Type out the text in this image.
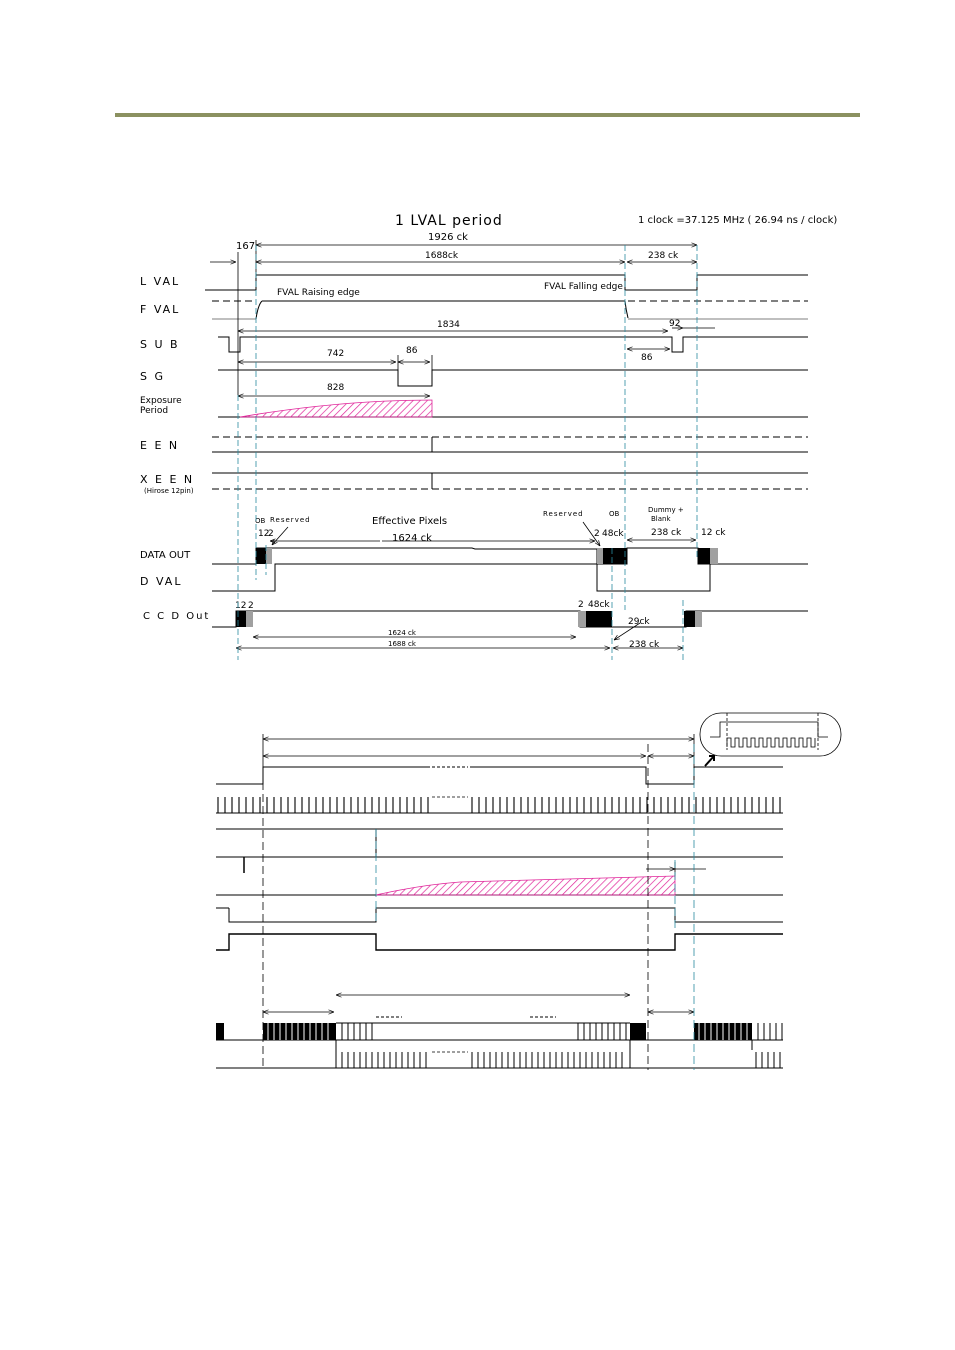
1 LVAL period	1 clock =37.125 MHz ( 26.94 ns / clock)
1926 ck
167
1688ck	238 ck
L VAL
F VAL
S U B
S G
Exposure
Period
E E N
X E E N
(Hirose 12pin)
DATA OUT
D VAL
C C D Out
FVAL Raising edge
FVAL Falling edge
1834	92
86
742	86
828
OB Reserved	Effective Pixels
Reserved	OB	Dummy +
Blank
12
2	1624 ck	2 48ck	238 ck 12 ck
12 2	2 48ck
1624 ck
1688 ck
29ck
238 ck
